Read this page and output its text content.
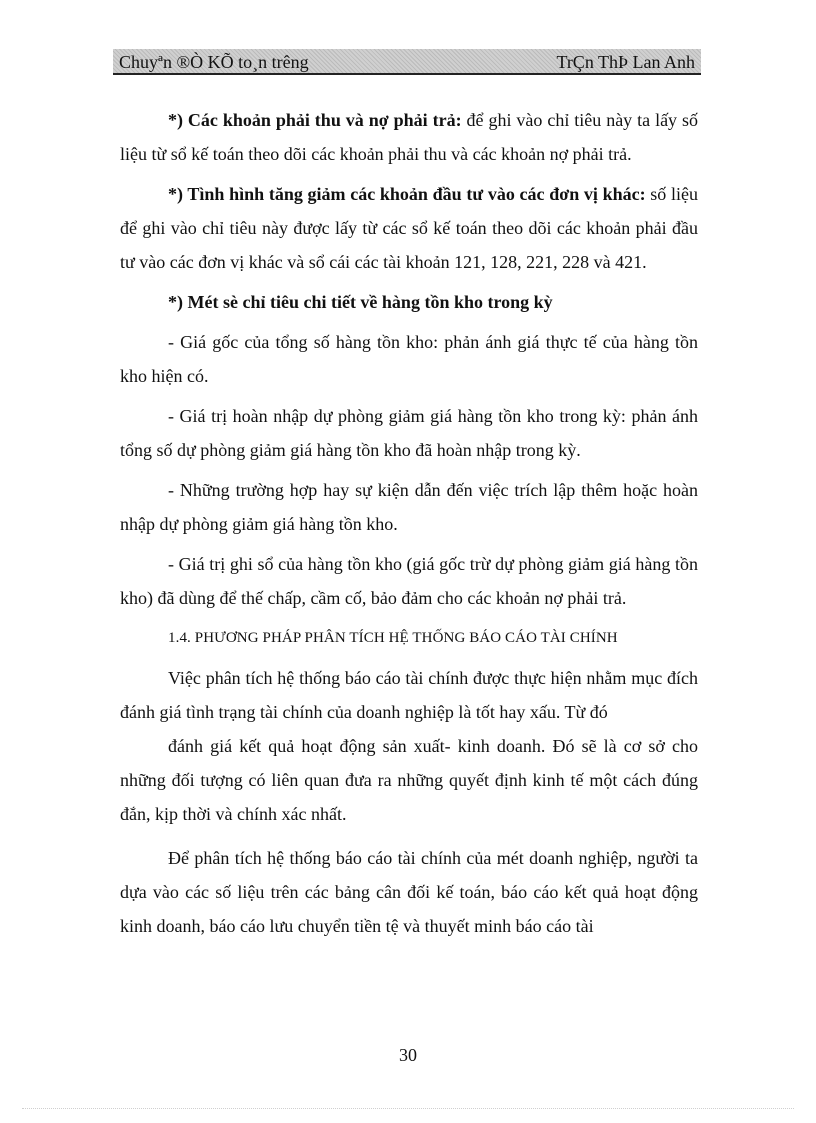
Chuyªn ®Ò KÕ to¸n trêng	TrÇn ThÞ Lan Anh

*) Các khoản phải thu và nợ phải trả: để ghi vào chỉ tiêu này ta lấy số liệu từ sổ kế toán theo dõi các khoản phải thu và các khoản nợ phải trả.

*) Tình hình tăng giảm các khoản đầu tư vào các đơn vị khác: số liệu để ghi vào chỉ tiêu này được lấy từ các sổ kế toán theo dõi các khoản phải đầu tư vào các đơn vị khác và sổ cái các tài khoản 121, 128, 221, 228 và 421.

*) Mét sè chỉ tiêu chi tiết về hàng tồn kho trong kỳ

- Giá gốc của tổng số hàng tồn kho: phản ánh giá thực tế của hàng tồn kho hiện có.

- Giá trị hoàn nhập dự phòng giảm giá hàng tồn kho trong kỳ: phản ánh tổng số dự phòng giảm giá hàng tồn kho đã hoàn nhập trong kỳ.

- Những trường hợp hay sự kiện dẫn đến việc trích lập thêm hoặc hoàn nhập dự phòng giảm giá hàng tồn kho.

- Giá trị ghi sổ của hàng tồn kho (giá gốc trừ dự phòng giảm giá hàng tồn kho) đã dùng để thế chấp, cầm cố, bảo đảm cho các khoản nợ phải trả.

1.4. PHƯƠNG PHÁP PHÂN TÍCH HỆ THỐNG BÁO CÁO TÀI CHÍNH

Việc phân tích hệ thống báo cáo tài chính được thực hiện nhằm mục đích đánh giá tình trạng tài chính của doanh nghiệp là tốt hay xấu. Từ đó

đánh giá kết quả hoạt động sản xuất- kinh doanh. Đó sẽ là cơ sở cho những đối tượng có liên quan đưa ra những quyết định kinh tế một cách đúng đắn, kịp thời và chính xác nhất.

Để phân tích hệ thống báo cáo tài chính của mét doanh nghiệp, người ta dựa vào các số liệu trên các bảng cân đối kế toán, báo cáo kết quả hoạt động kinh doanh, báo cáo lưu chuyển tiền tệ và thuyết minh báo cáo tài

30
